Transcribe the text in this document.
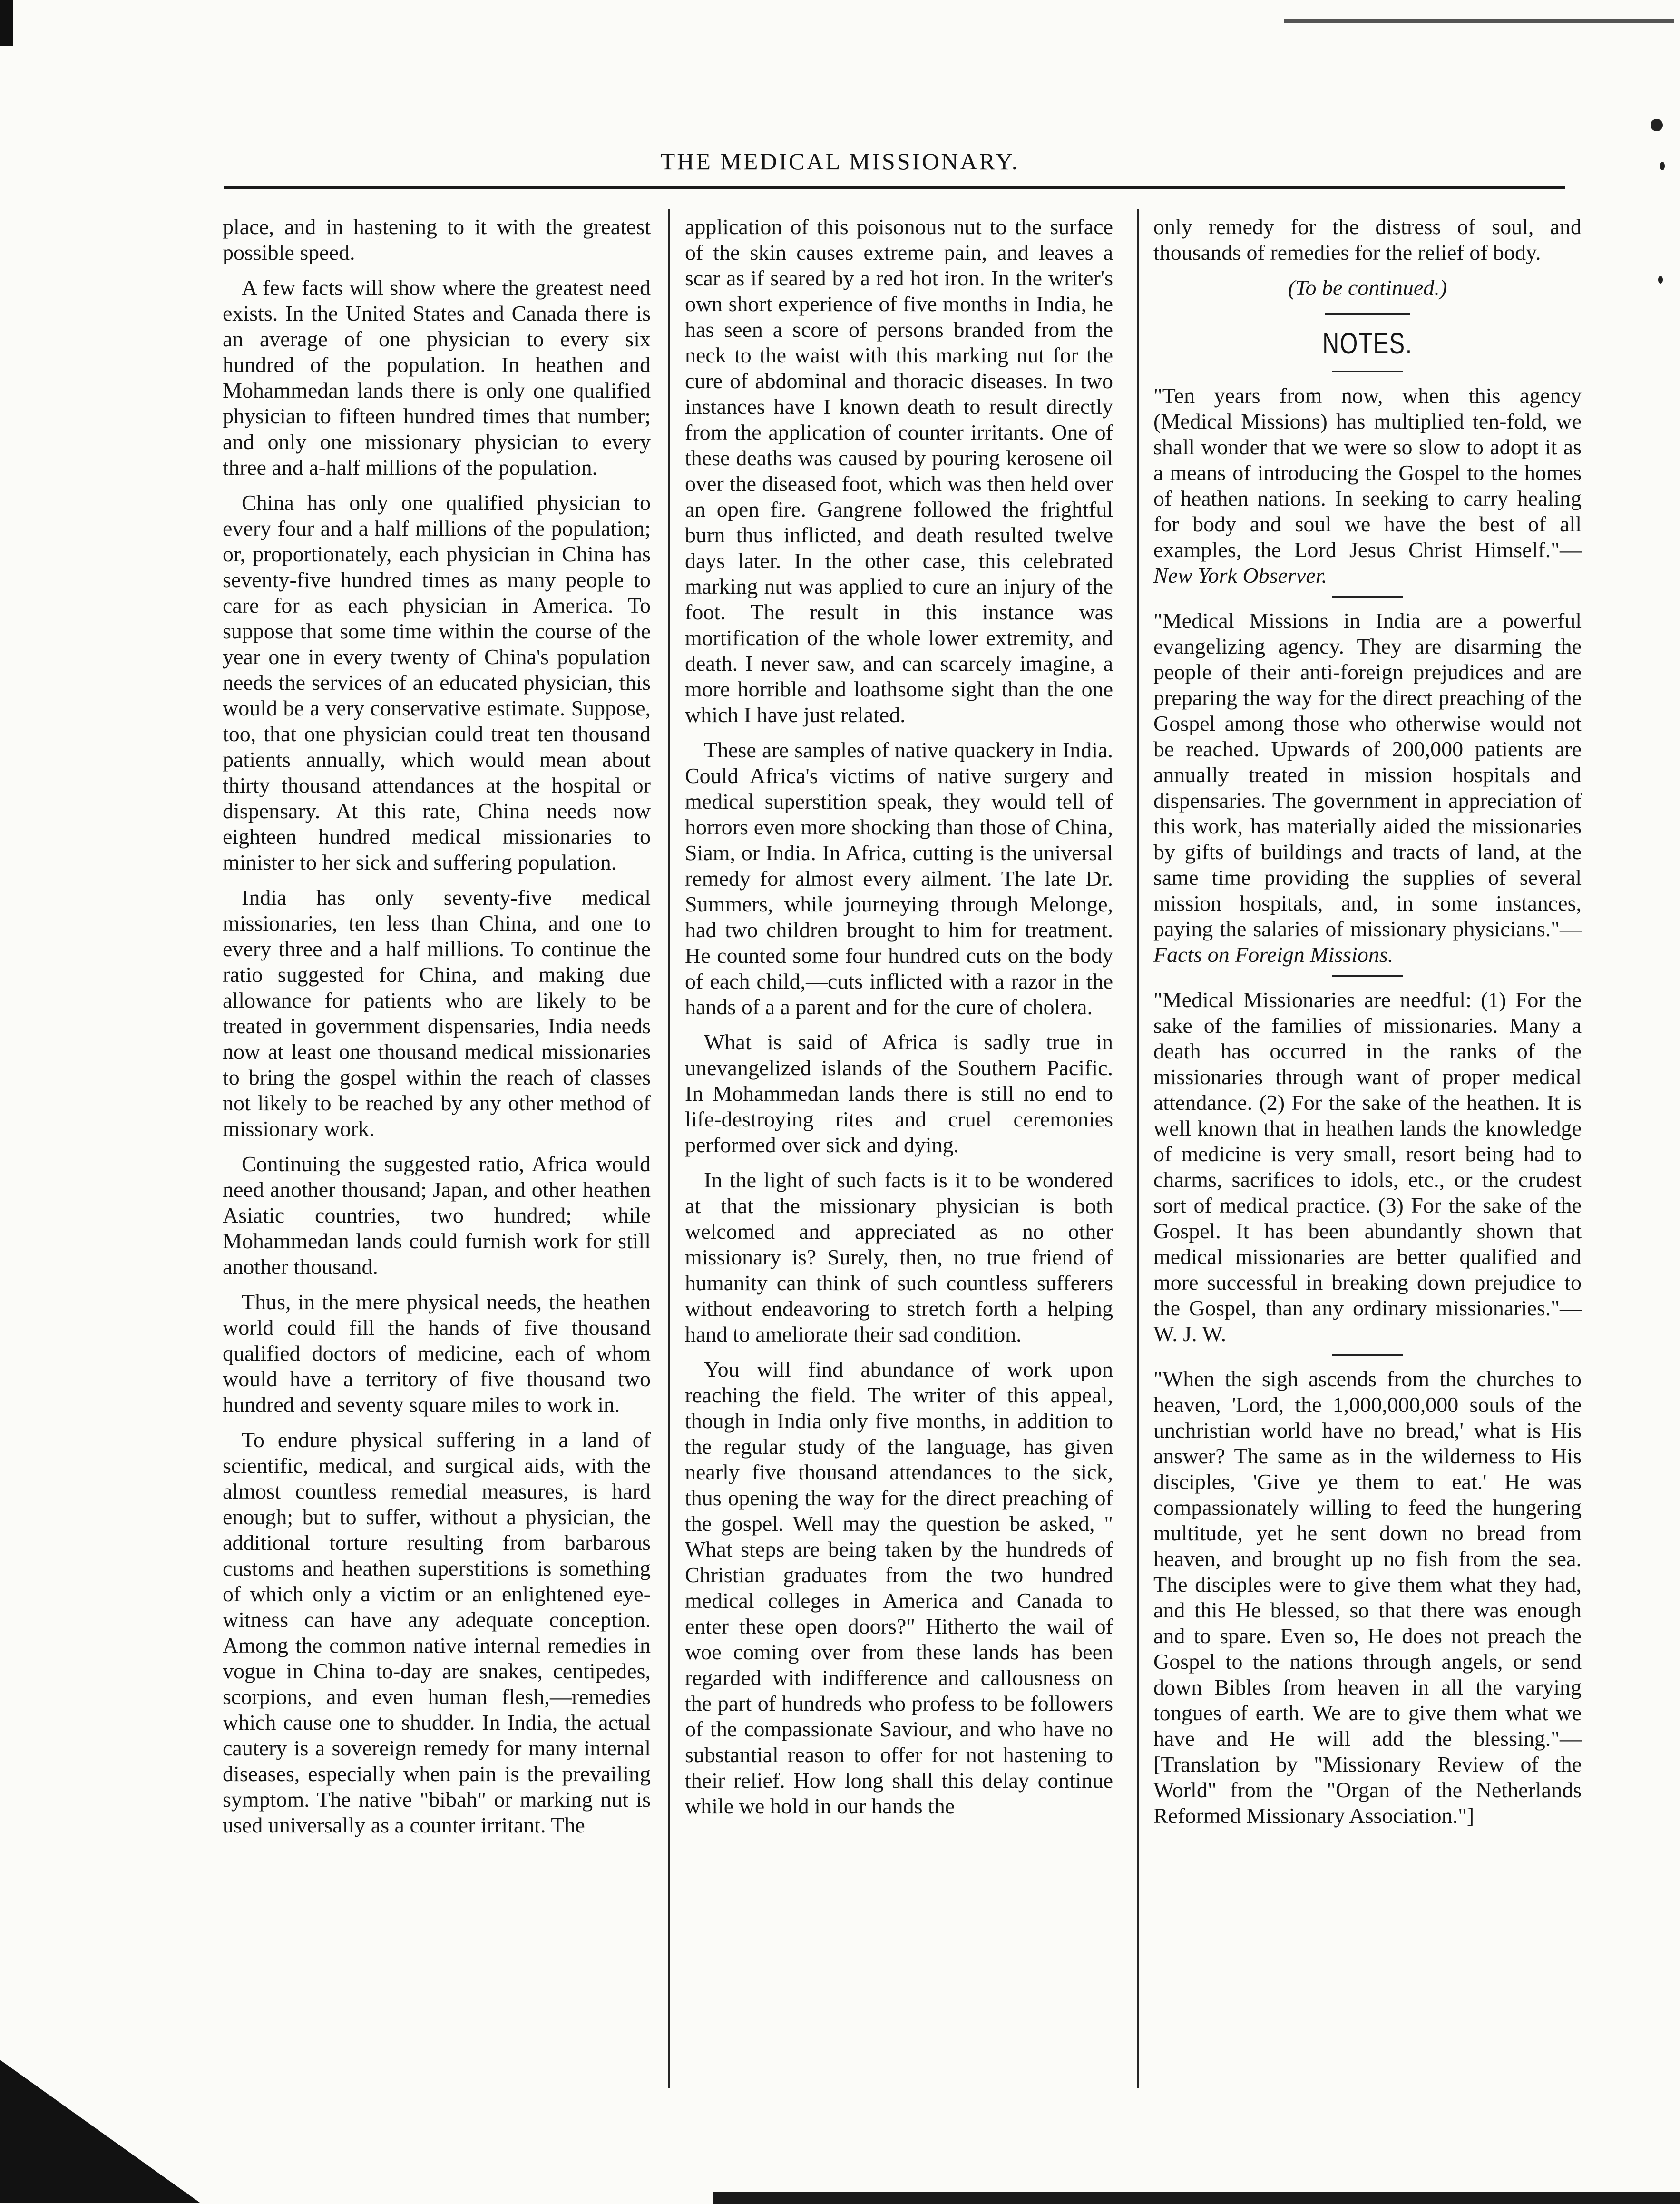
THE MEDICAL MISSIONARY.

place, and in hastening to it with the greatest possible speed.

A few facts will show where the greatest need exists. In the United States and Canada there is an average of one physician to every six hundred of the population. In heathen and Mohammedan lands there is only one qualified physician to fifteen hundred times that number; and only one missionary physician to every three and a-half millions of the population.

China has only one qualified physician to every four and a half millions of the population; or, proportionately, each physician in China has seventy-five hundred times as many people to care for as each physician in America. To suppose that some time within the course of the year one in every twenty of China's population needs the services of an educated physician, this would be a very conservative estimate. Suppose, too, that one physician could treat ten thousand patients annually, which would mean about thirty thousand attendances at the hospital or dispensary. At this rate, China needs now eighteen hundred medical missionaries to minister to her sick and suffering population.

India has only seventy-five medical missionaries, ten less than China, and one to every three and a half millions. To continue the ratio suggested for China, and making due allowance for patients who are likely to be treated in government dispensaries, India needs now at least one thousand medical missionaries to bring the gospel within the reach of classes not likely to be reached by any other method of missionary work.

Continuing the suggested ratio, Africa would need another thousand; Japan, and other heathen Asiatic countries, two hundred; while Mohammedan lands could furnish work for still another thousand.

Thus, in the mere physical needs, the heathen world could fill the hands of five thousand qualified doctors of medicine, each of whom would have a territory of five thousand two hundred and seventy square miles to work in.

To endure physical suffering in a land of scientific, medical, and surgical aids, with the almost countless remedial measures, is hard enough; but to suffer, without a physician, the additional torture resulting from barbarous customs and heathen superstitions is something of which only a victim or an enlightened eye-witness can have any adequate conception. Among the common native internal remedies in vogue in China to-day are snakes, centipedes, scorpions, and even human flesh,—remedies which cause one to shudder. In India, the actual cautery is a sovereign remedy for many internal diseases, especially when pain is the prevailing symptom. The native "bibah" or marking nut is used universally as a counter irritant. The

application of this poisonous nut to the surface of the skin causes extreme pain, and leaves a scar as if seared by a red hot iron. In the writer's own short experience of five months in India, he has seen a score of persons branded from the neck to the waist with this marking nut for the cure of abdominal and thoracic diseases. In two instances have I known death to result directly from the application of counter irritants. One of these deaths was caused by pouring kerosene oil over the diseased foot, which was then held over an open fire. Gangrene followed the frightful burn thus inflicted, and death resulted twelve days later. In the other case, this celebrated marking nut was applied to cure an injury of the foot. The result in this instance was mortification of the whole lower extremity, and death. I never saw, and can scarcely imagine, a more horrible and loathsome sight than the one which I have just related.

These are samples of native quackery in India. Could Africa's victims of native surgery and medical superstition speak, they would tell of horrors even more shocking than those of China, Siam, or India. In Africa, cutting is the universal remedy for almost every ailment. The late Dr. Summers, while journeying through Melonge, had two children brought to him for treatment. He counted some four hundred cuts on the body of each child,—cuts inflicted with a razor in the hands of a a parent and for the cure of cholera.

What is said of Africa is sadly true in unevangelized islands of the Southern Pacific. In Mohammedan lands there is still no end to life-destroying rites and cruel ceremonies performed over sick and dying.

In the light of such facts is it to be wondered at that the missionary physician is both welcomed and appreciated as no other missionary is? Surely, then, no true friend of humanity can think of such countless sufferers without endeavoring to stretch forth a helping hand to ameliorate their sad condition.

You will find abundance of work upon reaching the field. The writer of this appeal, though in India only five months, in addition to the regular study of the language, has given nearly five thousand attendances to the sick, thus opening the way for the direct preaching of the gospel. Well may the question be asked, " What steps are being taken by the hundreds of Christian graduates from the two hundred medical colleges in America and Canada to enter these open doors?" Hitherto the wail of woe coming over from these lands has been regarded with indifference and callousness on the part of hundreds who profess to be followers of the compassionate Saviour, and who have no substantial reason to offer for not hastening to their relief. How long shall this delay continue while we hold in our hands the

only remedy for the distress of soul, and thousands of remedies for the relief of body.

(To be continued.)
NOTES.

"Ten years from now, when this agency (Medical Missions) has multiplied ten-fold, we shall wonder that we were so slow to adopt it as a means of introducing the Gospel to the homes of heathen nations. In seeking to carry healing for body and soul we have the best of all examples, the Lord Jesus Christ Himself."—New York Observer.

"Medical Missions in India are a powerful evangelizing agency. They are disarming the people of their anti-foreign prejudices and are preparing the way for the direct preaching of the Gospel among those who otherwise would not be reached. Upwards of 200,000 patients are annually treated in mission hospitals and dispensaries. The government in appreciation of this work, has materially aided the missionaries by gifts of buildings and tracts of land, at the same time providing the supplies of several mission hospitals, and, in some instances, paying the salaries of missionary physicians."—Facts on Foreign Missions.

"Medical Missionaries are needful: (1) For the sake of the families of missionaries. Many a death has occurred in the ranks of the missionaries through want of proper medical attendance. (2) For the sake of the heathen. It is well known that in heathen lands the knowledge of medicine is very small, resort being had to charms, sacrifices to idols, etc., or the crudest sort of medical practice. (3) For the sake of the Gospel. It has been abundantly shown that medical missionaries are better qualified and more successful in breaking down prejudice to the Gospel, than any ordinary missionaries."—W. J. W.

"When the sigh ascends from the churches to heaven, 'Lord, the 1,000,000,000 souls of the unchristian world have no bread,' what is His answer? The same as in the wilderness to His disciples, 'Give ye them to eat.' He was compassionately willing to feed the hungering multitude, yet he sent down no bread from heaven, and brought up no fish from the sea. The disciples were to give them what they had, and this He blessed, so that there was enough and to spare. Even so, He does not preach the Gospel to the nations through angels, or send down Bibles from heaven in all the varying tongues of earth. We are to give them what we have and He will add the blessing."—[Translation by "Missionary Review of the World" from the "Organ of the Netherlands Reformed Missionary Association."]
